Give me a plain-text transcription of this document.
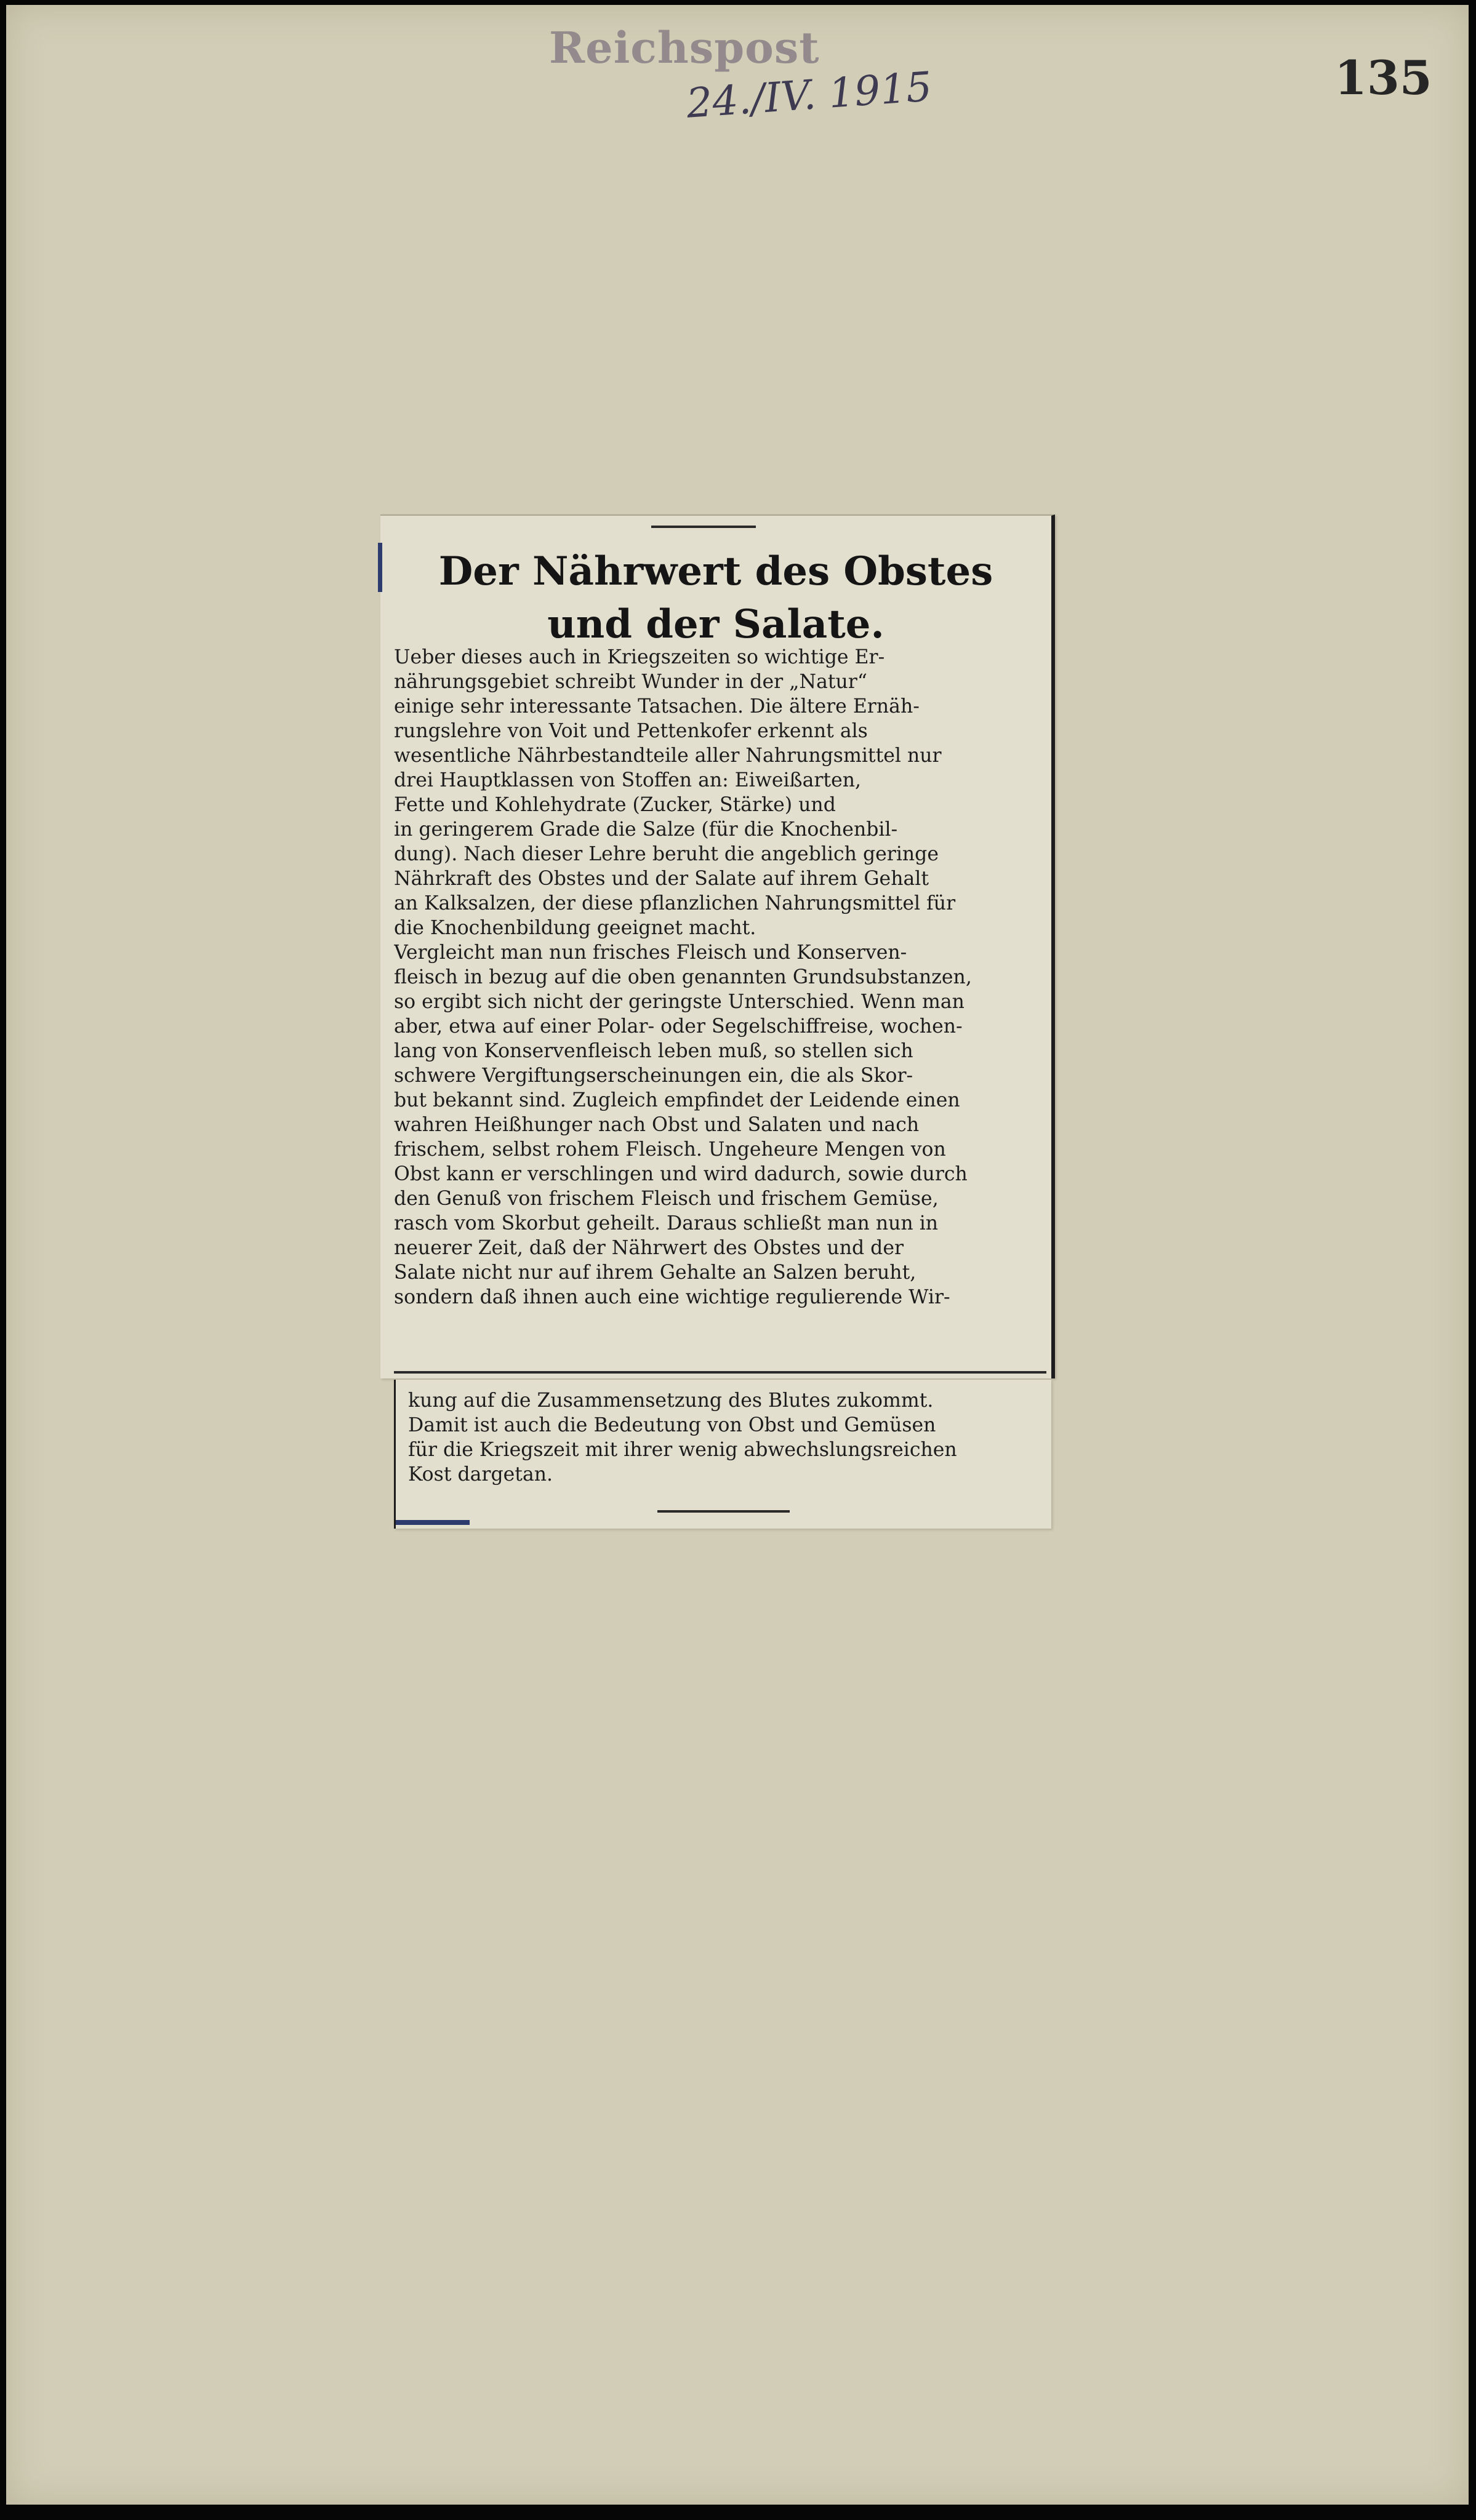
Reichspost
24./IV. 1915	135
Der Nährwert des Obstes und der Salate.
Ueber dieses auch in Kriegszeiten so wichtige Er-
nährungsgebiet schreibt Wunder in der „Natur“
einige sehr interessante Tatsachen. Die ältere Ernäh-
rungslehre von Voit und Pettenkofer erkennt als
wesentliche Nährbestandteile aller Nahrungsmittel nur
drei Hauptklassen von Stoffen an: Eiweißarten,
Fette und Kohlehydrate (Zucker, Stärke) und
in geringerem Grade die Salze (für die Knochenbil-
dung). Nach dieser Lehre beruht die angeblich geringe
Nährkraft des Obstes und der Salate auf ihrem Gehalt
an Kalksalzen, der diese pflanzlichen Nahrungsmittel für
die Knochenbildung geeignet macht.
Vergleicht man nun frisches Fleisch und Konserven-
fleisch in bezug auf die oben genannten Grundsubstanzen,
so ergibt sich nicht der geringste Unterschied. Wenn man
aber, etwa auf einer Polar- oder Segelschiffreise, wochen-
lang von Konservenfleisch leben muß, so stellen sich
schwere Vergiftungserscheinungen ein, die als Skor-
but bekannt sind. Zugleich empfindet der Leidende einen
wahren Heißhunger nach Obst und Salaten und nach
frischem, selbst rohem Fleisch. Ungeheure Mengen von
Obst kann er verschlingen und wird dadurch, sowie durch
den Genuß von frischem Fleisch und frischem Gemüse,
rasch vom Skorbut geheilt. Daraus schließt man nun in
neuerer Zeit, daß der Nährwert des Obstes und der
Salate nicht nur auf ihrem Gehalte an Salzen beruht,
sondern daß ihnen auch eine wichtige regulierende Wir-
kung auf die Zusammensetzung des Blutes zukommt.
Damit ist auch die Bedeutung von Obst und Gemüsen
für die Kriegszeit mit ihrer wenig abwechslungsreichen
Kost dargetan.
